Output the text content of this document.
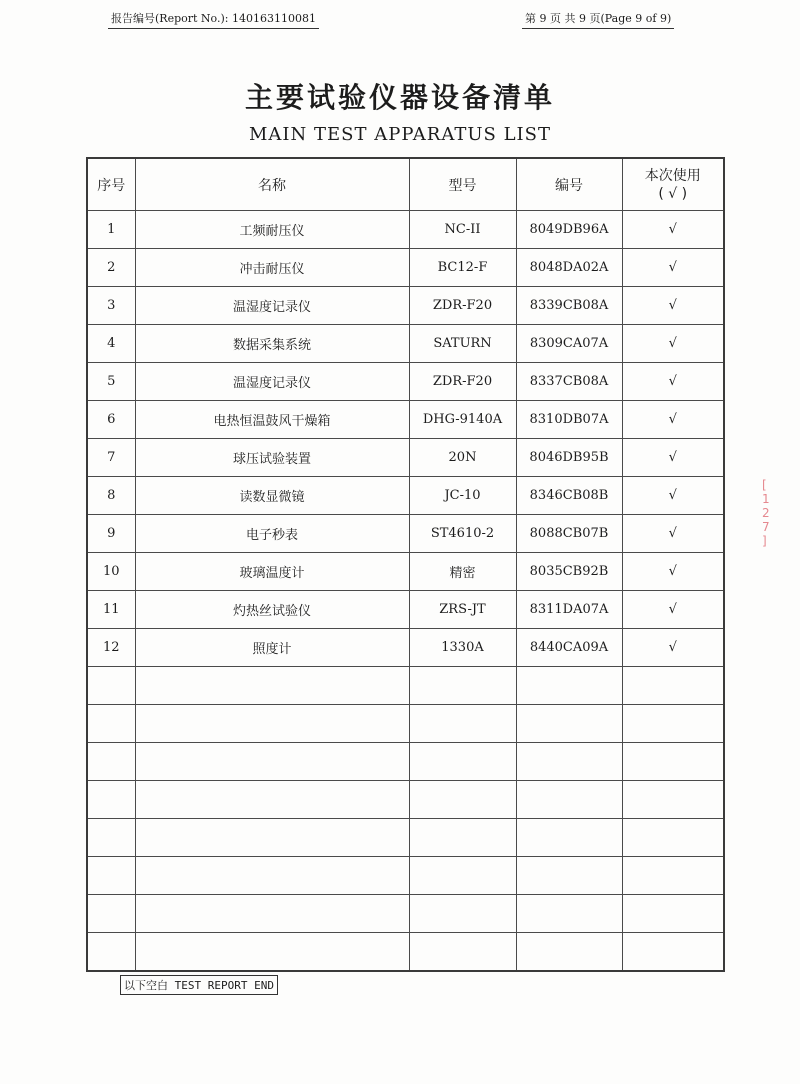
报告编号(Report No.): 140163110081	第 9 页 共 9 页(Page 9 of 9)
主要试验仪器设备清单
MAIN TEST APPARATUS LIST
序号	名称	型号	编号	本次使用
( √ )

1	工频耐压仪	NC-II	8049DB96A	√
2	冲击耐压仪	BC12-F	8048DA02A	√
3	温湿度记录仪	ZDR-F20	8339CB08A	√
4	数据采集系统	SATURN	8309CA07A	√
5	温湿度记录仪	ZDR-F20	8337CB08A	√
6	电热恒温鼓风干燥箱	DHG-9140A	8310DB07A	√
7	球压试验装置	20N	8046DB95B	√
8	读数显微镜	JC-10	8346CB08B	√
9	电子秒表	ST4610-2	8088CB07B	√
10	玻璃温度计	精密	8035CB92B	√
11	灼热丝试验仪	ZRS-JT	8311DA07A	√
12	照度计	1330A	8440CA09A	√

[ 1 2 7 ]
以下空白 TEST REPORT END
